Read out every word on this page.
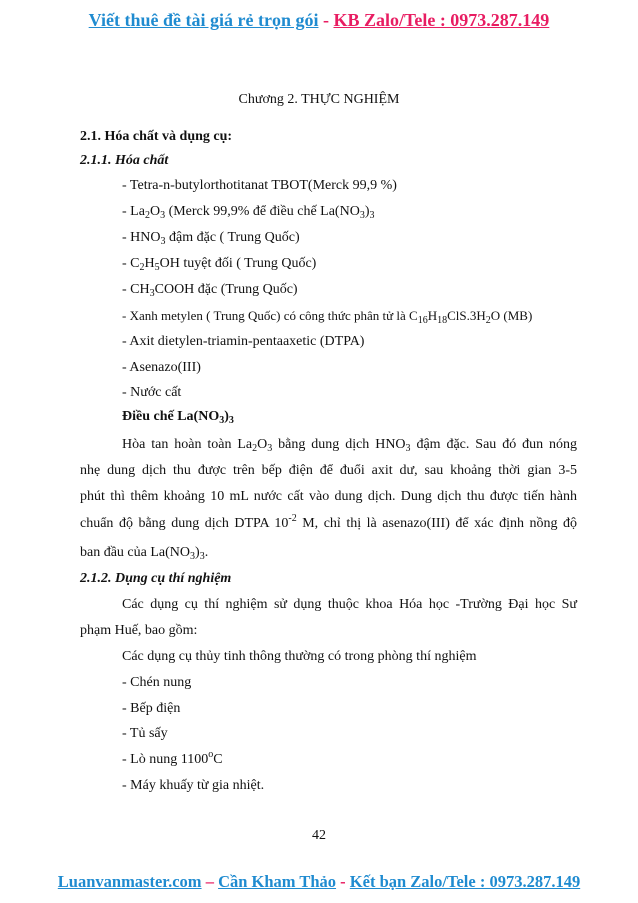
Viết thuê đề tài giá rẻ trọn gói - KB Zalo/Tele : 0973.287.149
Chương 2. THỰC NGHIỆM
2.1. Hóa chất và dụng cụ:
2.1.1. Hóa chất
- Tetra-n-butylorthotitanat TBOT(Merck 99,9 %)
- $La_2O_3$ (Merck 99,9% để điều chế $La(NO_3)_3$
- $HNO_3$ đậm đặc ( Trung Quốc)
- $C_2H_5OH$ tuyệt đối ( Trung Quốc)
- $CH_3COOH$ đặc (Trung Quốc)
- Xanh metylen ( Trung Quốc) có công thức phân tử là $C_{16}H_{18}ClS.3H_2O$ (MB)
- Axit dietylen-triamin-pentaaxetic (DTPA)
- Asenazo(III)
- Nước cất
Điều chế $La(NO_3)_3$
Hòa tan hoàn toàn $La_2O_3$ bằng dung dịch $HNO_3$ đậm đặc. Sau đó đun nóng
nhẹ dung dịch thu được trên bếp điện để đuổi axit dư, sau khoảng thời gian 3-5
phút thì thêm khoảng 10 mL nước cất vào dung dịch. Dung dịch thu được tiến hành
chuẩn độ bằng dung dịch DTPA $10^{-2}$ M, chỉ thị là asenazo(III) để xác định nồng độ
ban đầu của $La(NO_3)_3$.
2.1.2. Dụng cụ thí nghiệm
Các dụng cụ thí nghiệm sử dụng thuộc khoa Hóa học -Trường Đại học Sư
phạm Huế, bao gồm:
Các dụng cụ thủy tinh thông thường có trong phòng thí nghiệm
- Chén nung
- Bếp điện
- Tủ sấy
- Lò nung 1100$^o$C
- Máy khuấy từ gia nhiệt.
42
Luanvanmaster.com – Cần Kham Thảo - Kết bạn Zalo/Tele : 0973.287.149
